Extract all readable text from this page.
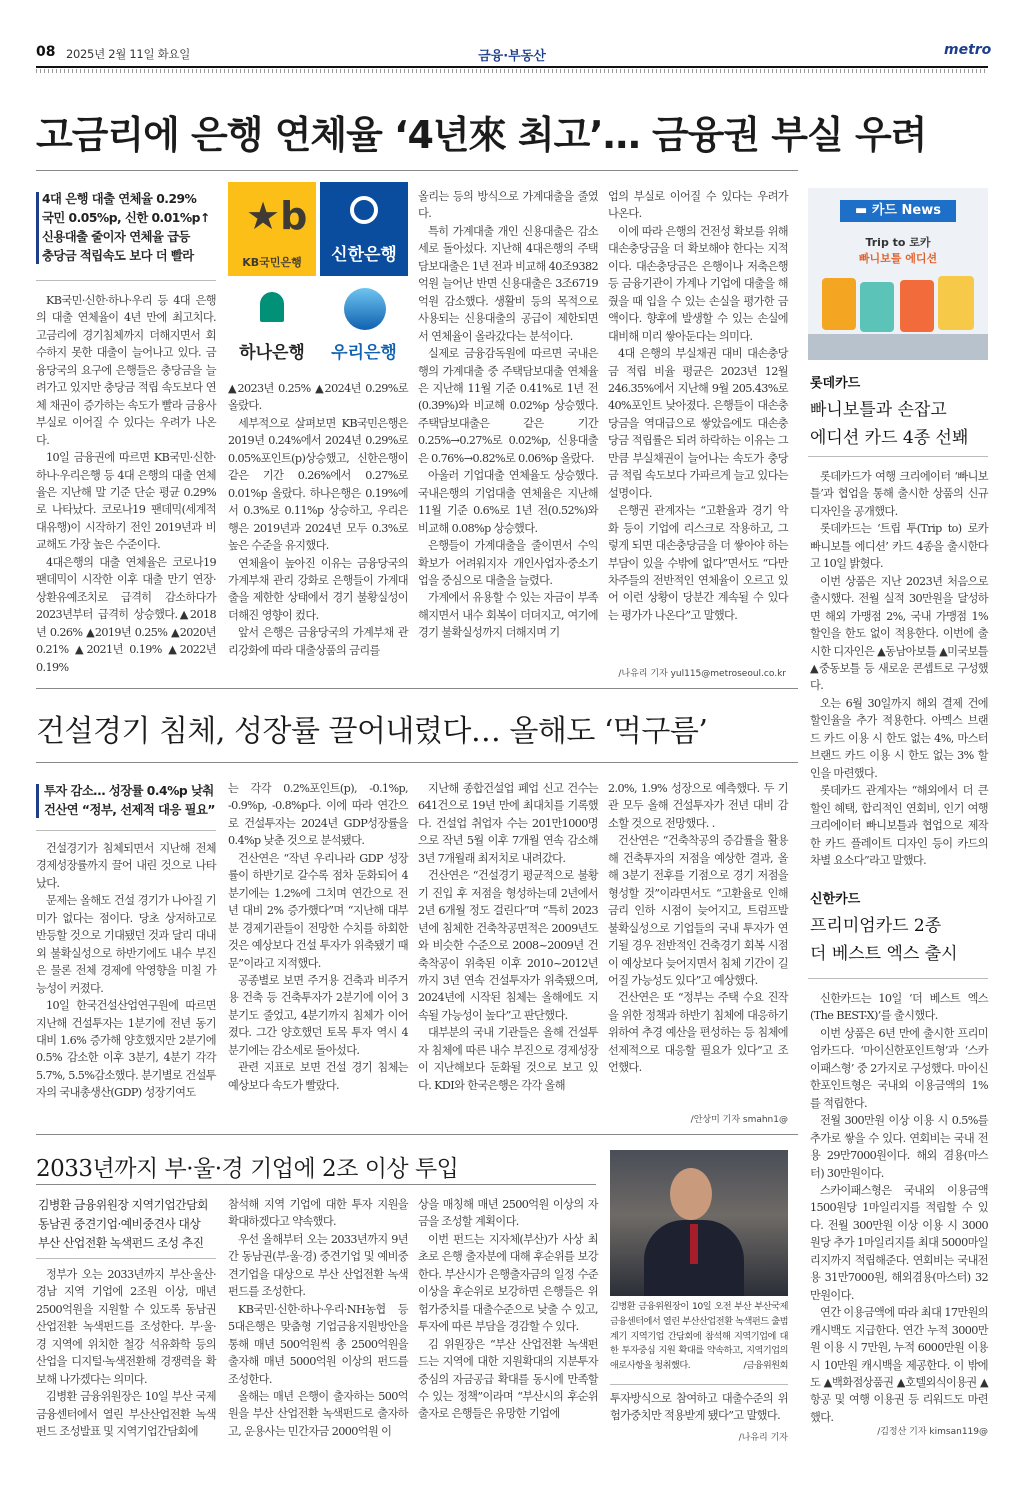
08 2025년 2월 11일 화요일	금융·부동산	metro
고금리에 은행 연체율 ‘4년來 최고’… 금융권 부실 우려
4대 은행 대출 연체율 0.29%
국민 0.05%p, 신한 0.01%p↑
신용대출 줄이자 연체율 급등
충당금 적립속도 보다 더 빨라
KB국민·신한·하나·우리 등 4대 은행의 대출 연체율이 4년 만에 최고치다. 고금리에 경기침체까지 더해지면서 회수하지 못한 대출이 늘어나고 있다. 금융당국의 요구에 은행들은 충당금을 늘려가고 있지만 충당금 적립 속도보다 연체 채권이 증가하는 속도가 빨라 금융사 부실로 이어질 수 있다는 우려가 나온다.
10일 금융권에 따르면 KB국민·신한·하나·우리은행 등 4대 은행의 대출 연체율은 지난해 말 기준 단순 평균 0.29%로 나타났다. 코로나19 팬데믹(세계적 대유행)이 시작하기 전인 2019년과 비교해도 가장 높은 수준이다.
4대은행의 대출 연체율은 코로나19 팬데믹이 시작한 이후 대출 만기 연장·상환유예조치로 급격히 감소하다가 2023년부터 급격히 상승했다.▲2018년 0.26% ▲2019년 0.25% ▲2020년 0.21% ▲2021년 0.19% ▲2022년 0.19%
★b
KB국민은행	신한은행
하나은행	우리은행
▲2023년 0.25% ▲2024년 0.29%로 올랐다.
세부적으로 살펴보면 KB국민은행은 2019년 0.24%에서 2024년 0.29%로 0.05%포인트(p)상승했고, 신한은행이 같은 기간 0.26%에서 0.27%로 0.01%p 올랐다. 하나은행은 0.19%에서 0.3%로 0.11%p 상승하고, 우리은행은 2019년과 2024년 모두 0.3%로 높은 수준을 유지했다.
연체율이 높아진 이유는 금융당국의 가계부채 관리 강화로 은행들이 가계대출을 제한한 상태에서 경기 불황실성이 더해진 영향이 컸다.
앞서 은행은 금융당국의 가계부채 관리강화에 따라 대출상품의 금리를
올리는 등의 방식으로 가계대출을 줄였다.
특히 가계대출 개인 신용대출은 감소세로 돌아섰다. 지난해 4대은행의 주택담보대출은 1년 전과 비교해 40조9382억원 늘어난 반면 신용대출은 3조6719억원 감소했다. 생활비 등의 목적으로 사용되는 신용대출의 공급이 제한되면서 연체율이 올라갔다는 분석이다.
실제로 금융감독원에 따르면 국내은행의 가계대출 중 주택담보대출 연체율은 지난해 11월 기준 0.41%로 1년 전(0.39%)와 비교해 0.02%p 상승했다. 주택담보대출은 같은 기간 0.25%→0.27%로 0.02%p, 신용대출은 0.76%→0.82%로 0.06%p 올랐다.
아울러 기업대출 연체율도 상승했다. 국내은행의 기업대출 연체율은 지난해 11월 기준 0.6%로 1년 전(0.52%)와 비교해 0.08%p 상승했다.
은행들이 가계대출을 줄이면서 수익확보가 어려워지자 개인사업자·중소기업을 중심으로 대출을 늘렸다.
가계에서 유용할 수 있는 자금이 부족해지면서 내수 회복이 더뎌지고, 여기에 경기 불확실성까지 더해지며 기
업의 부실로 이어질 수 있다는 우려가 나온다.
이에 따라 은행의 건전성 확보를 위해 대손충당금을 더 확보해야 한다는 지적이다. 대손충당금은 은행이나 저축은행 등 금융기관이 가계나 기업에 대출을 해줬을 때 입을 수 있는 손실을 평가한 금액이다. 향후에 발생할 수 있는 손실에 대비해 미리 쌓아둔다는 의미다.
4대 은행의 부실채권 대비 대손충당금 적립 비율 평균은 2023년 12월 246.35%에서 지난해 9월 205.43%로 40%포인트 낮아졌다. 은행들이 대손충당금을 역대급으로 쌓았음에도 대손충당금 적립률은 되려 하락하는 이유는 그만큼 부실채권이 늘어나는 속도가 충당금 적립 속도보다 가파르게 늘고 있다는 설명이다.
은행권 관계자는 “고환율과 경기 악화 등이 기업에 리스크로 작용하고, 그렇게 되면 대손충당금을 더 쌓아야 하는 부담이 있을 수밖에 없다”면서도 “다만 차주들의 전반적인 연체율이 오르고 있어 이런 상황이 당분간 계속될 수 있다는 평가가 나온다”고 말했다.
/나유리 기자 yul115@metroseoul.co.kr
▬ 카드 News
Trip to 로카
빠니보틀 에디션
롯데카드
빠니보틀과 손잡고
에디션 카드 4종 선봬
롯데카드가 여행 크리에이터 ‘빠니보틀’과 협업을 통해 출시한 상품의 신규 디자인을 공개했다.
롯데카드는 ‘트립 투(Trip to) 로카 빠니보틀 에디션’ 카드 4종을 출시한다고 10일 밝혔다.
이번 상품은 지난 2023년 처음으로 출시했다. 전월 실적 30만원을 달성하면 해외 가맹점 2%, 국내 가맹점 1% 할인을 한도 없이 적용한다. 이번에 출시한 디자인은 ▲동남아보틀 ▲미국보틀 ▲중동보틀 등 새로운 콘셉트로 구성했다.
오는 6월 30일까지 해외 결제 건에 할인율을 추가 적용한다. 아멕스 브랜드 카드 이용 시 한도 없는 4%, 마스터 브랜드 카드 이용 시 한도 없는 3% 할인을 마련했다.
롯데카드 관계자는 “해외에서 더 큰 할인 혜택, 합리적인 연회비, 인기 여행 크리에이터 빠니보틀과 협업으로 제작한 카드 플레이트 디자인 등이 카드의 차별 요소다”라고 말했다.
신한카드
프리미엄카드 2종
더 베스트 엑스 출시
신한카드는 10일 ‘더 베스트 엑스(The BEST-X)’를 출시했다.
이번 상품은 6년 만에 출시한 프리미엄카드다. ‘마이신한포인트형’과 ‘스카이패스형’ 중 2가지로 구성했다. 마이신한포인트형은 국내외 이용금액의 1%를 적립한다.
전월 300만원 이상 이용 시 0.5%를 추가로 쌓을 수 있다. 연회비는 국내 전용 29만7000원이다. 해외 겸용(마스터) 30만원이다.
스카이패스형은 국내외 이용금액 1500원당 1마일리지를 적립할 수 있다. 전월 300만원 이상 이용 시 3000원당 추가 1마일리지를 최대 5000마일리지까지 적립해준다. 연회비는 국내전용 31만7000원, 해외겸용(마스터) 32만원이다.
연간 이용금액에 따라 최대 17만원의 캐시백도 지급한다. 연간 누적 3000만원 이용 시 7만원, 누적 6000만원 이용 시 10만원 캐시백을 제공한다. 이 밖에도 ▲백화점상품권 ▲호텔외식이용권 ▲항공 및 여행 이용권 등 리워드도 마련했다.
/김정산 기자 kimsan119@
건설경기 침체, 성장률 끌어내렸다… 올해도 ‘먹구름’
투자 감소… 성장률 0.4%p 낮춰
건산연 “정부, 선제적 대응 필요”
건설경기가 침체되면서 지난해 전체 경제성장률까지 끌어 내린 것으로 나타났다.
문제는 올해도 건설 경기가 나아질 기미가 없다는 점이다. 당초 상저하고로 반등할 것으로 기대됐던 것과 달리 대내외 불확실성으로 하반기에도 내수 부진은 물론 전체 경제에 악영향을 미칠 가능성이 커졌다.
10일 한국건설산업연구원에 따르면 지난해 건설투자는 1분기에 전년 동기 대비 1.6% 증가해 양호했지만 2분기에 0.5% 감소한 이후 3분기, 4분기 각각 5.7%, 5.5%감소했다. 분기별로 건설투자의 국내총생산(GDP) 성장기여도
는 각각 0.2%포인트(p), -0.1%p, -0.9%p, -0.8%p다. 이에 따라 연간으로 건설투자는 2024년 GDP성장률을 0.4%p 낮춘 것으로 분석됐다.
건산연은 “작년 우리나라 GDP 성장률이 하반기로 갈수록 점차 둔화되어 4분기에는 1.2%에 그치며 연간으로 전년 대비 2% 증가했다”며 “지난해 대부분 경제기관들이 전망한 수치를 하회한 것은 예상보다 건설 투자가 위축됐기 때문”이라고 지적했다.
공종별로 보면 주거용 건축과 비주거용 건축 등 건축투자가 2분기에 이어 3분기도 줄었고, 4분기까지 침체가 이어졌다. 그간 양호했던 토목 투자 역시 4분기에는 감소세로 돌아섰다.
관련 지표로 보면 건설 경기 침체는 예상보다 속도가 빨랐다.
지난해 종합건설업 폐업 신고 건수는 641건으로 19년 만에 최대치를 기록했다. 건설업 취업자 수는 201만1000명으로 작년 5월 이후 7개월 연속 감소해 3년 7개월래 최저치로 내려갔다.
건산연은 “건설경기 평균적으로 불황기 진입 후 저점을 형성하는데 2년에서 2년 6개월 정도 걸린다”며 “특히 2023년에 침체한 건축착공면적은 2009년도와 비슷한 수준으로 2008~2009년 건축착공이 위축된 이후 2010~2012년까지 3년 연속 건설투자가 위축됐으며, 2024년에 시작된 침체는 올해에도 지속될 가능성이 높다”고 판단했다.
대부분의 국내 기관들은 올해 건설투자 침체에 따른 내수 부진으로 경제성장이 지난해보다 둔화될 것으로 보고 있다. KDI와 한국은행은 각각 올해
2.0%, 1.9% 성장으로 예측했다. 두 기관 모두 올해 건설투자가 전년 대비 감소할 것으로 전망했다. .
건산연은 “건축착공의 증감률을 활용해 건축투자의 저점을 예상한 결과, 올해 3분기 전후를 기점으로 경기 저점을 형성할 것”이라면서도 “고환율로 인해 금리 인하 시점이 늦어지고, 트럼프발 불확실성으로 기업들의 국내 투자가 연기될 경우 전반적인 건축경기 회복 시점이 예상보다 늦어지면서 침체 기간이 길어질 가능성도 있다”고 예상했다.
건산연은 또 “정부는 주택 수요 진작을 위한 정책과 하반기 침체에 대응하기 위하여 추경 예산을 편성하는 등 침체에 선제적으로 대응할 필요가 있다”고 조언했다.
/안상미 기자 smahn1@
2033년까지 부·울·경 기업에 2조 이상 투입
김병환 금융위원장 지역기업간담회
동남권 중견기업·예비중견사 대상
부산 산업전환 녹색펀드 조성 추진
정부가 오는 2033년까지 부산·울산·경남 지역 기업에 2조원 이상, 매년 2500억원을 지원할 수 있도록 동남권 산업전환 녹색펀드를 조성한다. 부·울·경 지역에 위치한 철강 석유화학 등의 산업을 디지털·녹색전환해 경쟁력을 확보해 나가겠다는 의미다.
김병환 금융위원장은 10일 부산 국제금융센터에서 열린 부산산업전환 녹색펀드 조성발표 및 지역기업간담회에
참석해 지역 기업에 대한 투자 지원을 확대하겠다고 약속했다.
우선 올해부터 오는 2033년까지 9년간 동남권(부·울·경) 중견기업 및 예비중견기업을 대상으로 부산 산업전환 녹색펀드를 조성한다.
KB국민·신한·하나·우리·NH농협 등 5대은행은 맞춤형 기업금융지원방안을 통해 매년 500억원씩 총 2500억원을 출자해 매년 5000억원 이상의 펀드를 조성한다.
올해는 매년 은행이 출자하는 500억원을 부산 산업전환 녹색펀드로 출자하고, 운용사는 민간자금 2000억원 이
상을 매칭해 매년 2500억원 이상의 자금을 조성할 계획이다.
이번 펀드는 지자체(부산)가 사상 최초로 은행 출자분에 대해 후순위를 보강한다. 부산시가 은행출자금의 일정 수준 이상을 후순위로 보강하면 은행들은 위험가중치를 대출수준으로 낮출 수 있고, 투자에 따른 부담을 경감할 수 있다.
김 위원장은 “부산 산업전환 녹색펀드는 지역에 대한 지원확대의 지분투자 중심의 자금공급 확대를 동시에 만족할 수 있는 정책”이라며 “부산시의 후순위 출자로 은행들은 유망한 기업에
김병환 금융위원장이 10일 오전 부산 부산국제금융센터에서 열린 부산산업전환 녹색펀드 출범계기 지역기업 간담회에 참석해 지역기업에 대한 투자중심 지원 확대를 약속하고, 지역기업의 애로사항을 청취했다.	/금융위원회
투자방식으로 참여하고 대출수준의 위험가중치만 적용받게 됐다”고 말했다.
/나유리 기자
